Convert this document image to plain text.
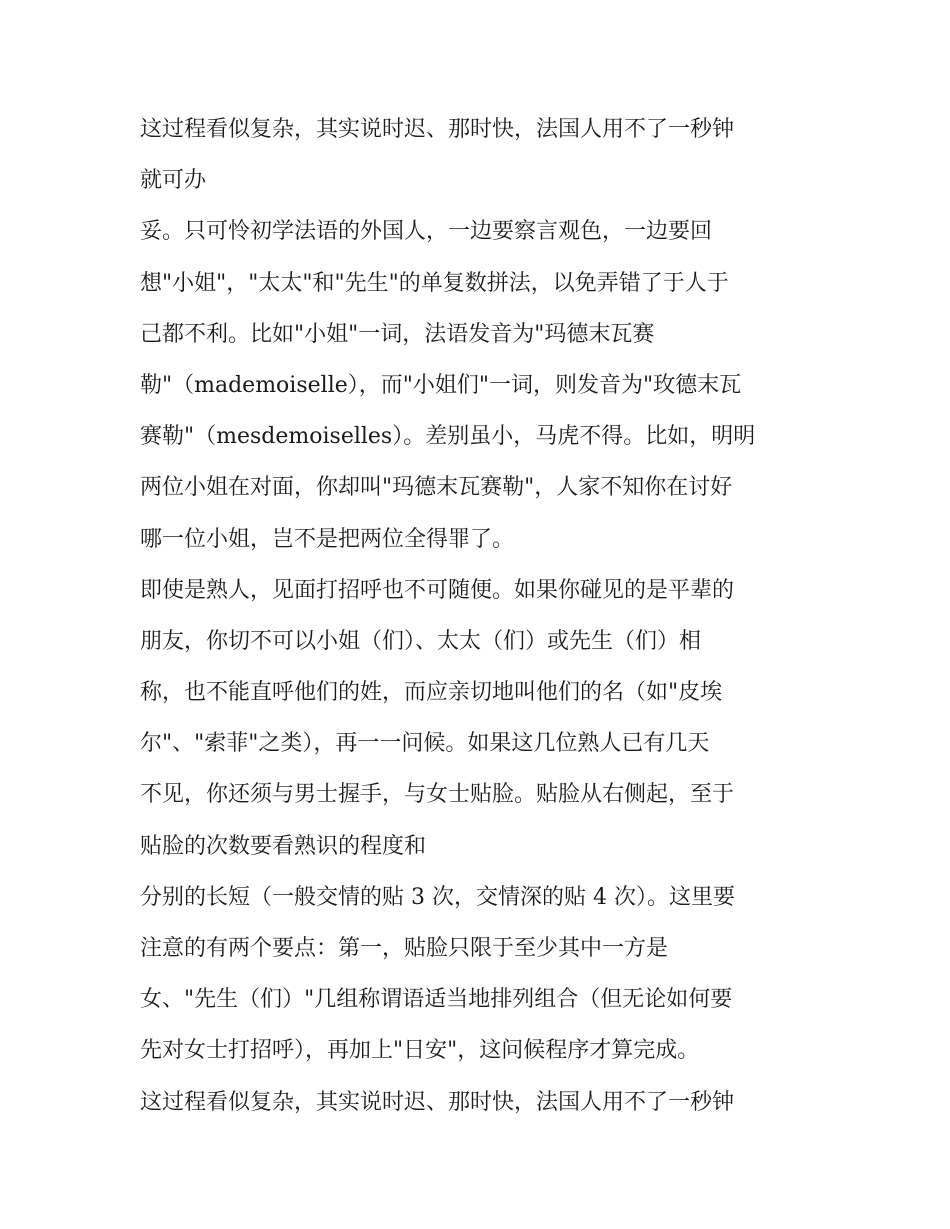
这过程看似复杂，其实说时迟、那时快，法国人用不了一秒钟
就可办
妥。只可怜初学法语的外国人，一边要察言观色，一边要回
想"小姐"，"太太"和"先生"的单复数拼法，以免弄错了于人于
己都不利。比如"小姐"一词，法语发音为"玛德末瓦赛
勒"（mademoiselle），而"小姐们"一词，则发音为"玫德末瓦
赛勒"（mesdemoiselles）。差别虽小，马虎不得。比如，明明
两位小姐在对面，你却叫"玛德末瓦赛勒"，人家不知你在讨好
哪一位小姐，岂不是把两位全得罪了。
即使是熟人，见面打招呼也不可随便。如果你碰见的是平辈的
朋友，你切不可以小姐（们）、太太（们）或先生（们）相
称，也不能直呼他们的姓，而应亲切地叫他们的名（如"皮埃
尔"、"索菲"之类），再一一问候。如果这几位熟人已有几天
不见，你还须与男士握手，与女士贴脸。贴脸从右侧起，至于
贴脸的次数要看熟识的程度和
分别的长短（一般交情的贴 3 次，交情深的贴 4 次）。这里要
注意的有两个要点：第一，贴脸只限于至少其中一方是
女、"先生（们）"几组称谓语适当地排列组合（但无论如何要
先对女士打招呼），再加上"日安"，这问候程序才算完成。
这过程看似复杂，其实说时迟、那时快，法国人用不了一秒钟
